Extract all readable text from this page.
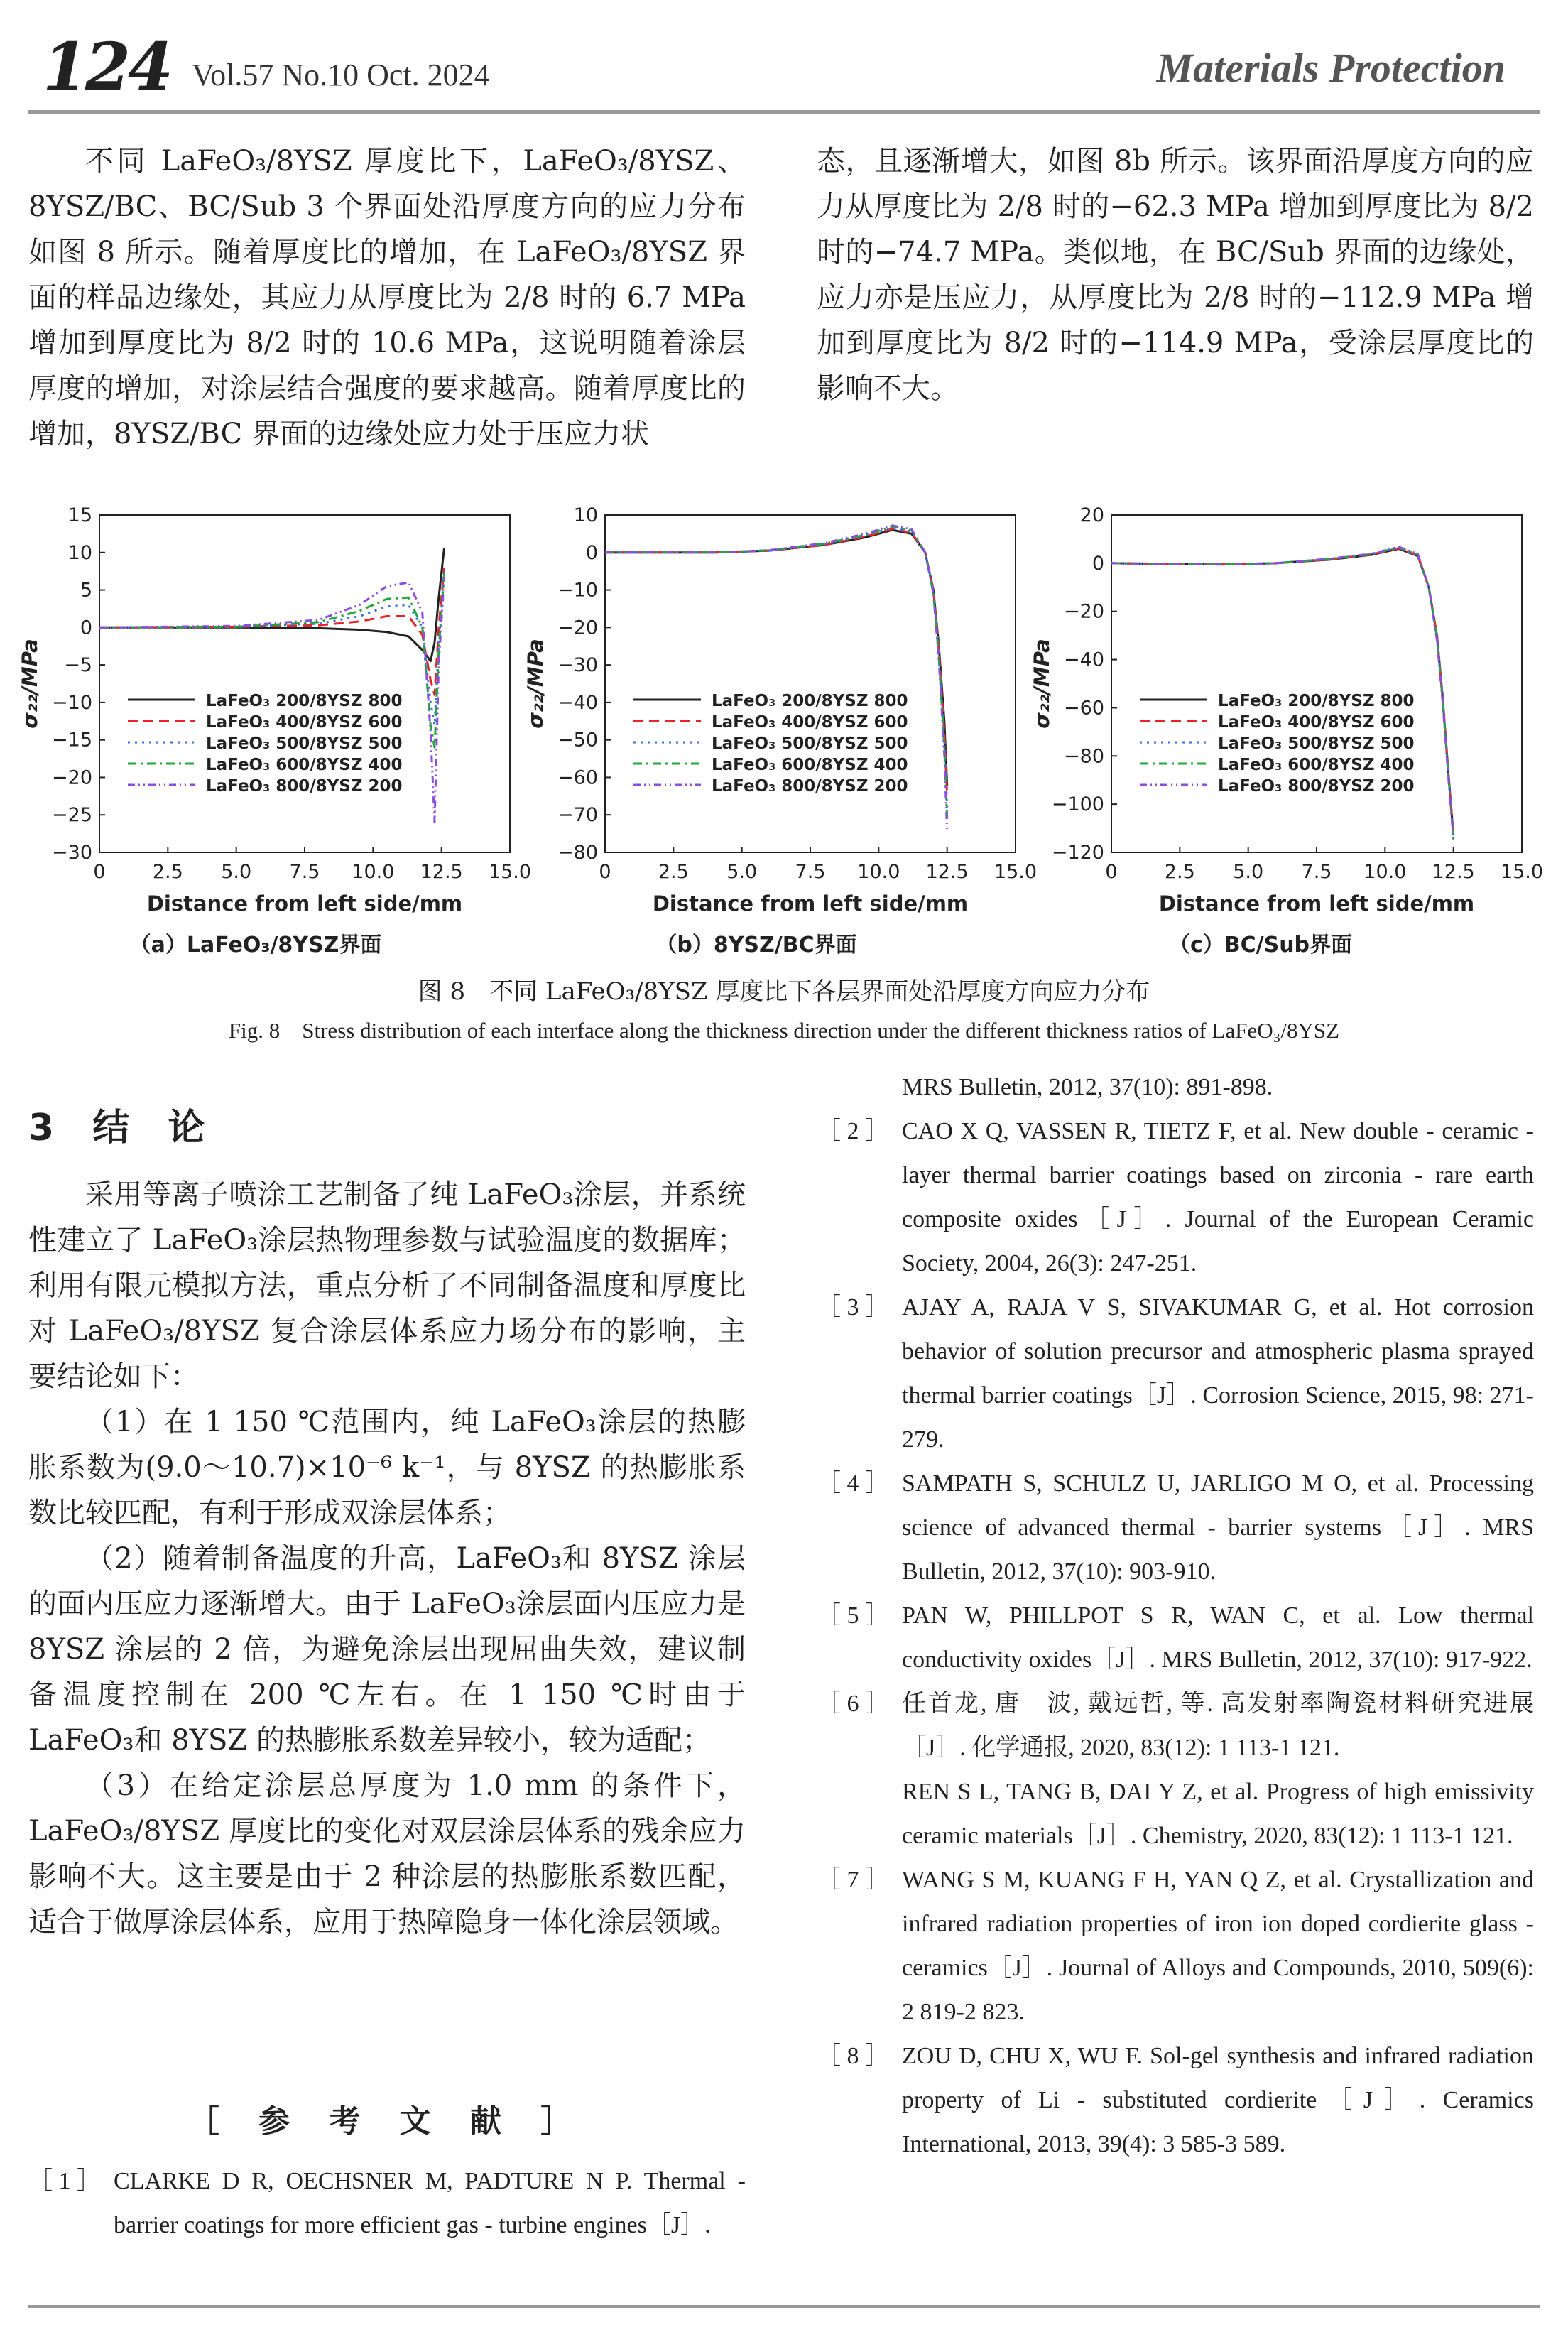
124 Vol.57 No.10 Oct. 2024	Materials Protection

不同 LaFeO₃/8YSZ 厚度比下，LaFeO₃/8YSZ、8YSZ/BC、BC/Sub 3 个界面处沿厚度方向的应力分布如图 8 所示。随着厚度比的增加，在 LaFeO₃/8YSZ 界面的样品边缘处，其应力从厚度比为 2/8 时的 6.7 MPa 增加到厚度比为 8/2 时的 10.6 MPa，这说明随着涂层厚度的增加，对涂层结合强度的要求越高。随着厚度比的增加，8YSZ/BC 界面的边缘处应力处于压应力状

态，且逐渐增大，如图 8b 所示。该界面沿厚度方向的应力从厚度比为 2/8 时的−62.3 MPa 增加到厚度比为 8/2 时的−74.7 MPa。类似地，在 BC/Sub 界面的边缘处，应力亦是压应力，从厚度比为 2/8 时的−112.9 MPa 增加到厚度比为 8/2 时的−114.9 MPa，受涂层厚度比的影响不大。

0 2.5 5.0 7.5 10.0 12.5 15.0
15
10
5
0
−5
−10
−15
−20
−25
−30
Distance from left side/mm
σ₂₂/MPa	LaFeO₃ 200/8YSZ 800
LaFeO₃ 400/8YSZ 600
LaFeO₃ 500/8YSZ 500
LaFeO₃ 600/8YSZ 400
LaFeO₃ 800/8YSZ 200
0 2.5 5.0 7.5 10.0 12.5 15.0
10
0
−10
−20
−30
−40
−50
−60
−70
−80
Distance from left side/mm
σ₂₂/MPa	LaFeO₃ 200/8YSZ 800
LaFeO₃ 400/8YSZ 600
LaFeO₃ 500/8YSZ 500
LaFeO₃ 600/8YSZ 400
LaFeO₃ 800/8YSZ 200
0 2.5 5.0 7.5 10.0 12.5 15.0
20
0
−20
−40
−60
−80
−100
−120
Distance from left side/mm
σ₂₂/MPa	LaFeO₃ 200/8YSZ 800
LaFeO₃ 400/8YSZ 600
LaFeO₃ 500/8YSZ 500
LaFeO₃ 600/8YSZ 400
LaFeO₃ 800/8YSZ 200
（a）LaFeO₃/8YSZ界面	（b）8YSZ/BC界面	（c）BC/Sub界面
图 8　不同 LaFeO₃/8YSZ 厚度比下各层界面处沿厚度方向应力分布
Fig. 8　Stress distribution of each interface along the thickness direction under the different thickness ratios of LaFeO₃/8YSZ
3 结 论

采用等离子喷涂工艺制备了纯 LaFeO₃涂层，并系统性建立了 LaFeO₃涂层热物理参数与试验温度的数据库；利用有限元模拟方法，重点分析了不同制备温度和厚度比对 LaFeO₃/8YSZ 复合涂层体系应力场分布的影响，主要结论如下：

（1）在 1 150 ℃范围内，纯 LaFeO₃涂层的热膨胀系数为(9.0～10.7)×10⁻⁶ k⁻¹，与 8YSZ 的热膨胀系数比较匹配，有利于形成双涂层体系；

（2）随着制备温度的升高，LaFeO₃和 8YSZ 涂层的面内压应力逐渐增大。由于 LaFeO₃涂层面内压应力是 8YSZ 涂层的 2 倍，为避免涂层出现屈曲失效，建议制备温度控制在 200 ℃左右。在 1 150 ℃时由于 LaFeO₃和 8YSZ 的热膨胀系数差异较小，较为适配；

（3）在给定涂层总厚度为 1.0 mm 的条件下，LaFeO₃/8YSZ 厚度比的变化对双层涂层体系的残余应力影响不大。这主要是由于 2 种涂层的热膨胀系数匹配，适合于做厚涂层体系，应用于热障隐身一体化涂层领域。

［ 参 考 文 献 ］
［ 1 ］ CLARKE D R, OECHSNER M, PADTURE N P. Thermal - barrier coatings for more efficient gas - turbine engines［J］.
MRS Bulletin, 2012, 37(10): 891-898.
［ 2 ］ CAO X Q, VASSEN R, TIETZ F, et al. New double - ceramic - layer thermal barrier coatings based on zirconia - rare earth composite oxides［J］. Journal of the European Ceramic Society, 2004, 26(3): 247-251.
［ 3 ］ AJAY A, RAJA V S, SIVAKUMAR G, et al. Hot corrosion behavior of solution precursor and atmospheric plasma sprayed thermal barrier coatings［J］. Corrosion Science, 2015, 98: 271-279.
［ 4 ］ SAMPATH S, SCHULZ U, JARLIGO M O, et al. Processing science of advanced thermal - barrier systems［J］. MRS Bulletin, 2012, 37(10): 903-910.
［ 5 ］ PAN W, PHILLPOT S R, WAN C, et al. Low thermal conductivity oxides［J］. MRS Bulletin, 2012, 37(10): 917-922.
［ 6 ］ 任首龙, 唐　波, 戴远哲, 等. 高发射率陶瓷材料研究进展［J］. 化学通报, 2020, 83(12): 1 113-1 121.
REN S L, TANG B, DAI Y Z, et al. Progress of high emissivity ceramic materials［J］. Chemistry, 2020, 83(12): 1 113-1 121.
［ 7 ］ WANG S M, KUANG F H, YAN Q Z, et al. Crystallization and infrared radiation properties of iron ion doped cordierite glass - ceramics［J］. Journal of Alloys and Compounds, 2010, 509(6): 2 819-2 823.
［ 8 ］ ZOU D, CHU X, WU F. Sol-gel synthesis and infrared radiation property of Li - substituted cordierite［J］. Ceramics International, 2013, 39(4): 3 585-3 589.
